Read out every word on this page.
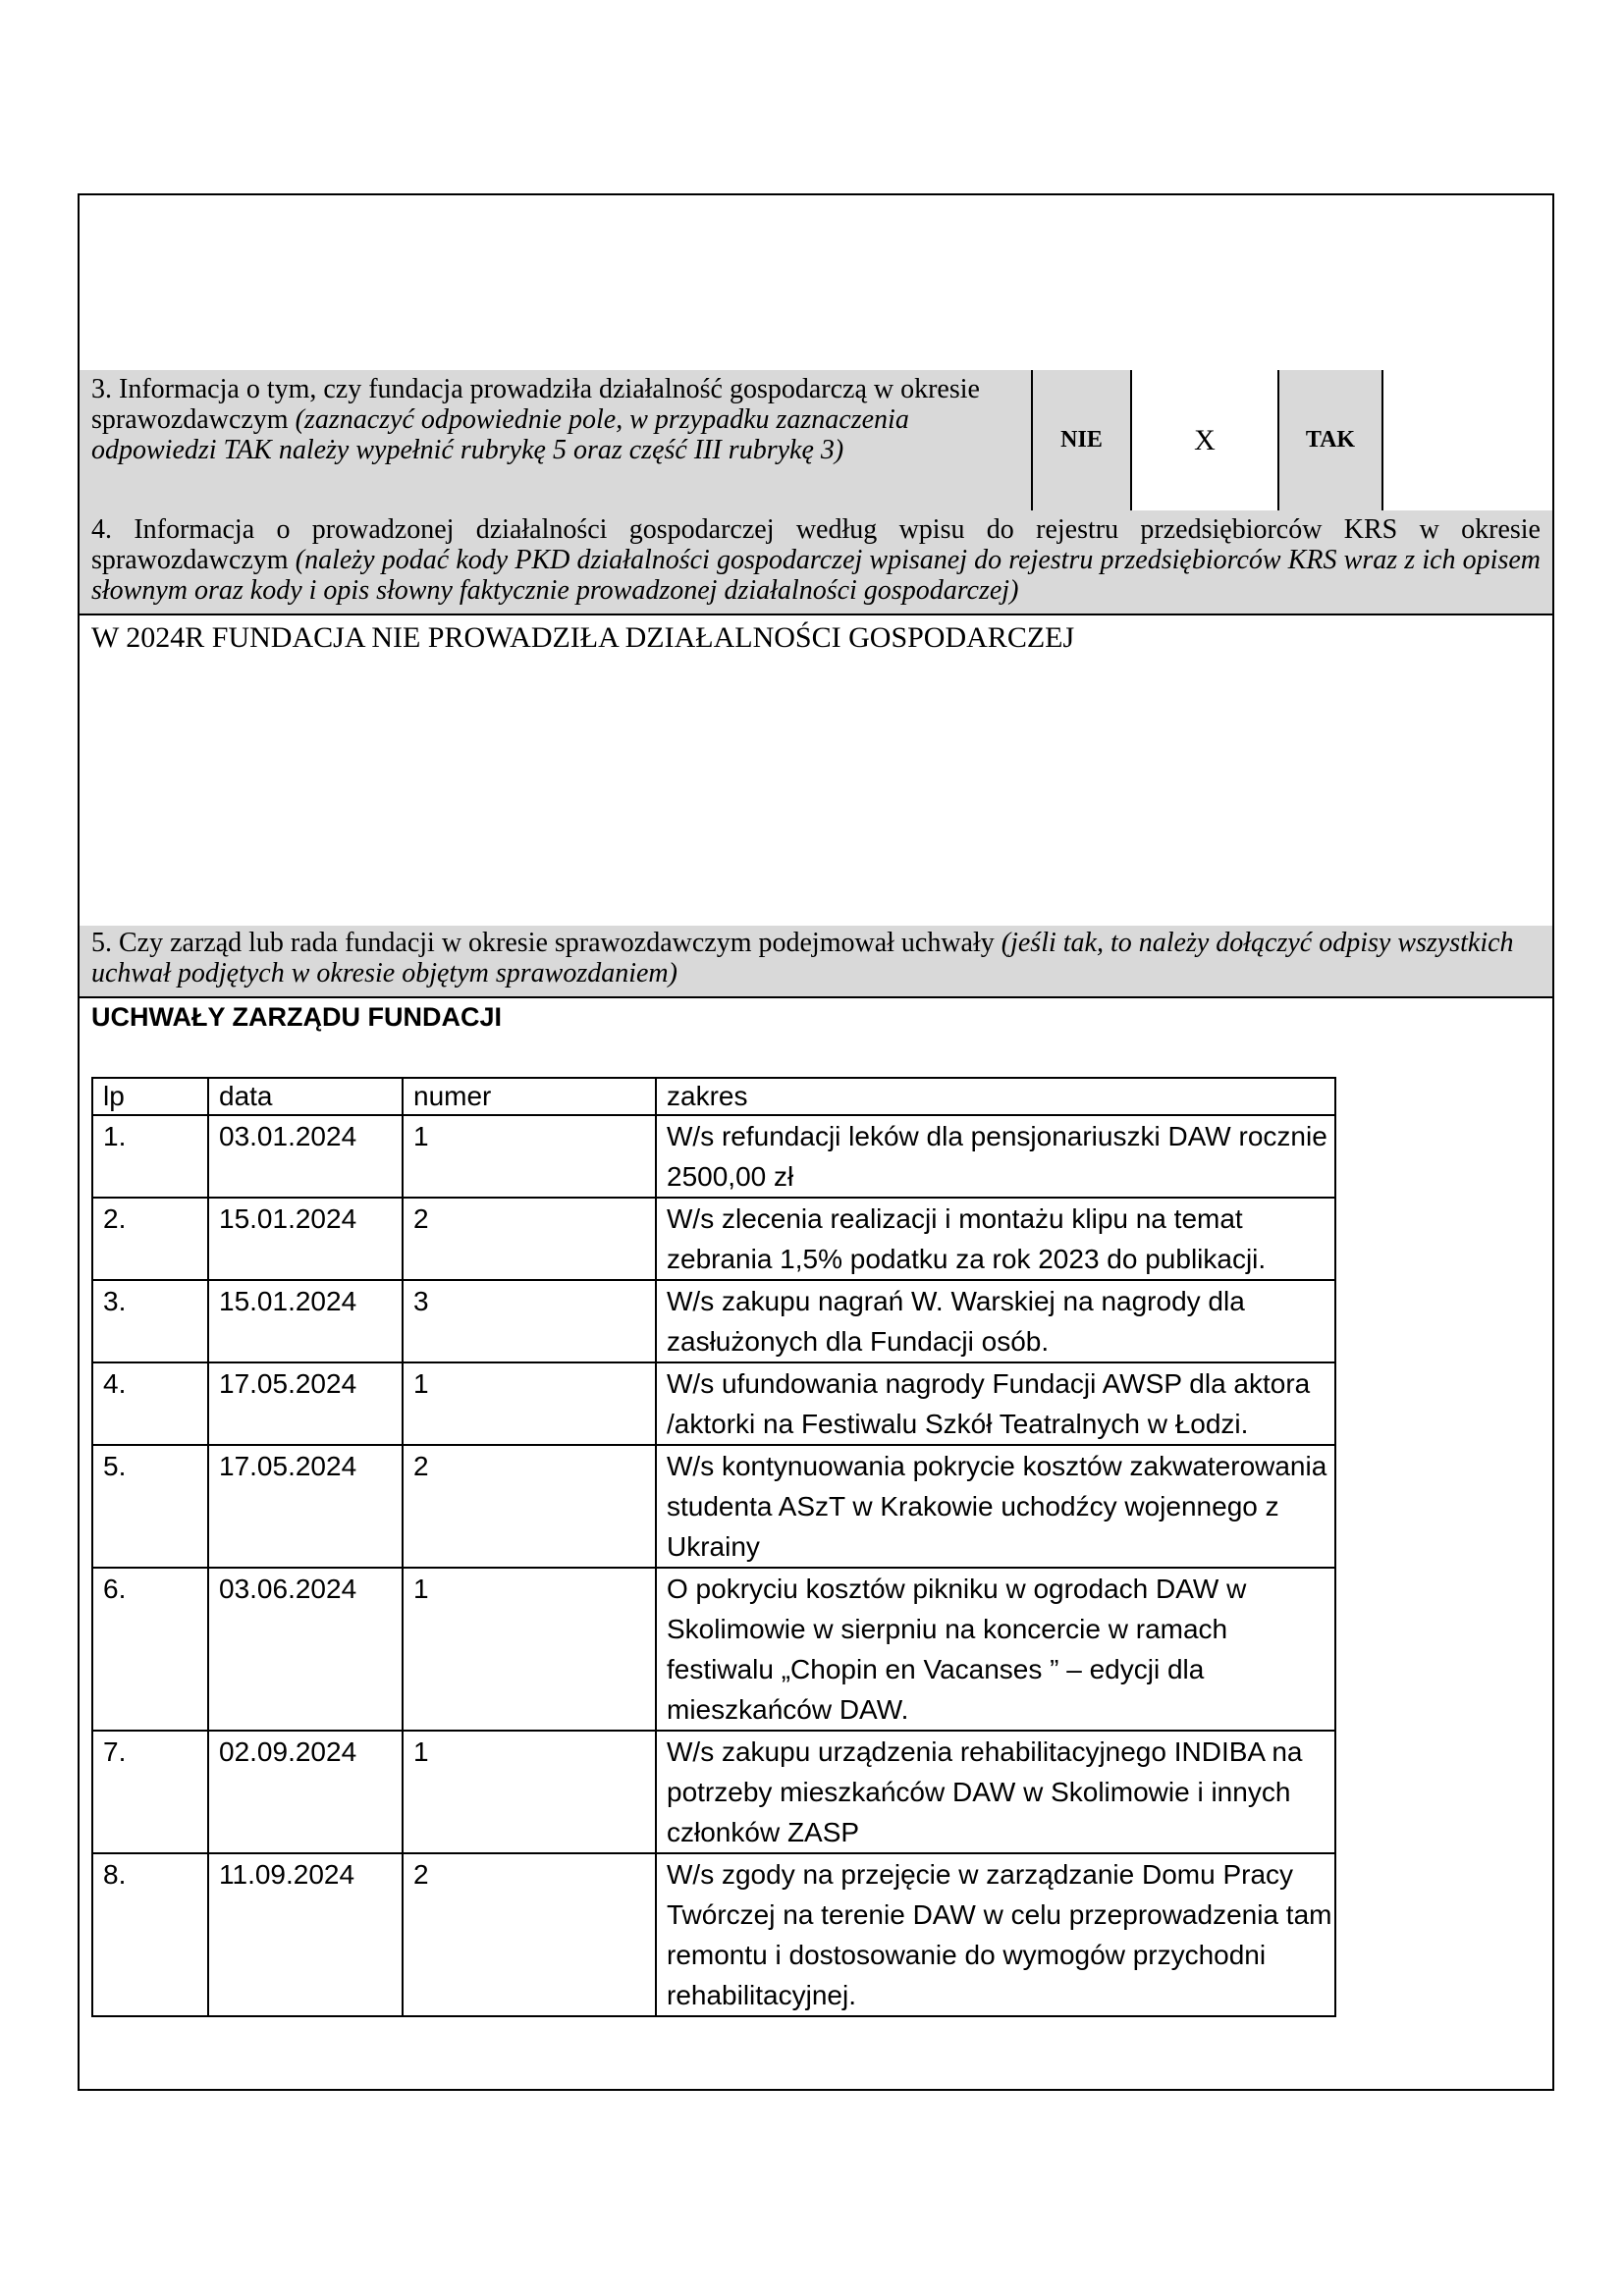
3. Informacja o tym, czy fundacja prowadziła działalność gospodarczą w okresie sprawozdawczym (zaznaczyć odpowiednie pole, w przypadku zaznaczenia odpowiedzi TAK należy wypełnić rubrykę 5 oraz część III rubrykę 3)	NIE	X	TAK
4. Informacja o prowadzonej działalności gospodarczej według wpisu do rejestru przedsiębiorców KRS w okresie sprawozdawczym (należy podać kody PKD działalności gospodarczej wpisanej do rejestru przedsiębiorców KRS wraz z ich opisem słownym oraz kody i opis słowny faktycznie prowadzonej działalności gospodarczej)
W 2024R FUNDACJA NIE PROWADZIŁA DZIAŁALNOŚCI GOSPODARCZEJ
5. Czy zarząd lub rada fundacji w okresie sprawozdawczym podejmował uchwały (jeśli tak, to należy dołączyć odpisy wszystkich uchwał podjętych w okresie objętym sprawozdaniem)
UCHWAŁY ZARZĄDU FUNDACJI
lp	data	numer	zakres
1.	03.01.2024	1	W/s refundacji leków dla pensjonariuszki DAW rocznie 2500,00 zł
2.	15.01.2024	2	W/s zlecenia realizacji i montażu klipu na temat zebrania 1,5% podatku za rok 2023 do publikacji.
3.	15.01.2024	3	W/s zakupu nagrań W. Warskiej na nagrody dla zasłużonych dla Fundacji osób.
4.	17.05.2024	1	W/s ufundowania nagrody Fundacji AWSP dla aktora /aktorki na Festiwalu Szkół Teatralnych w Łodzi.
5.	17.05.2024	2	W/s kontynuowania pokrycie kosztów zakwaterowania studenta ASzT w Krakowie uchodźcy wojennego z Ukrainy
6.	03.06.2024	1	O pokryciu kosztów pikniku w ogrodach DAW w Skolimowie w sierpniu na koncercie w ramach festiwalu „Chopin en Vacanses ” – edycji dla mieszkańców DAW.
7.	02.09.2024	1	W/s zakupu urządzenia rehabilitacyjnego INDIBA na potrzeby mieszkańców DAW w Skolimowie i innych członków ZASP
8.	11.09.2024	2	W/s zgody na przejęcie w zarządzanie Domu Pracy Twórczej na terenie DAW w celu przeprowadzenia tam remontu i dostosowanie do wymogów przychodni rehabilitacyjnej.
